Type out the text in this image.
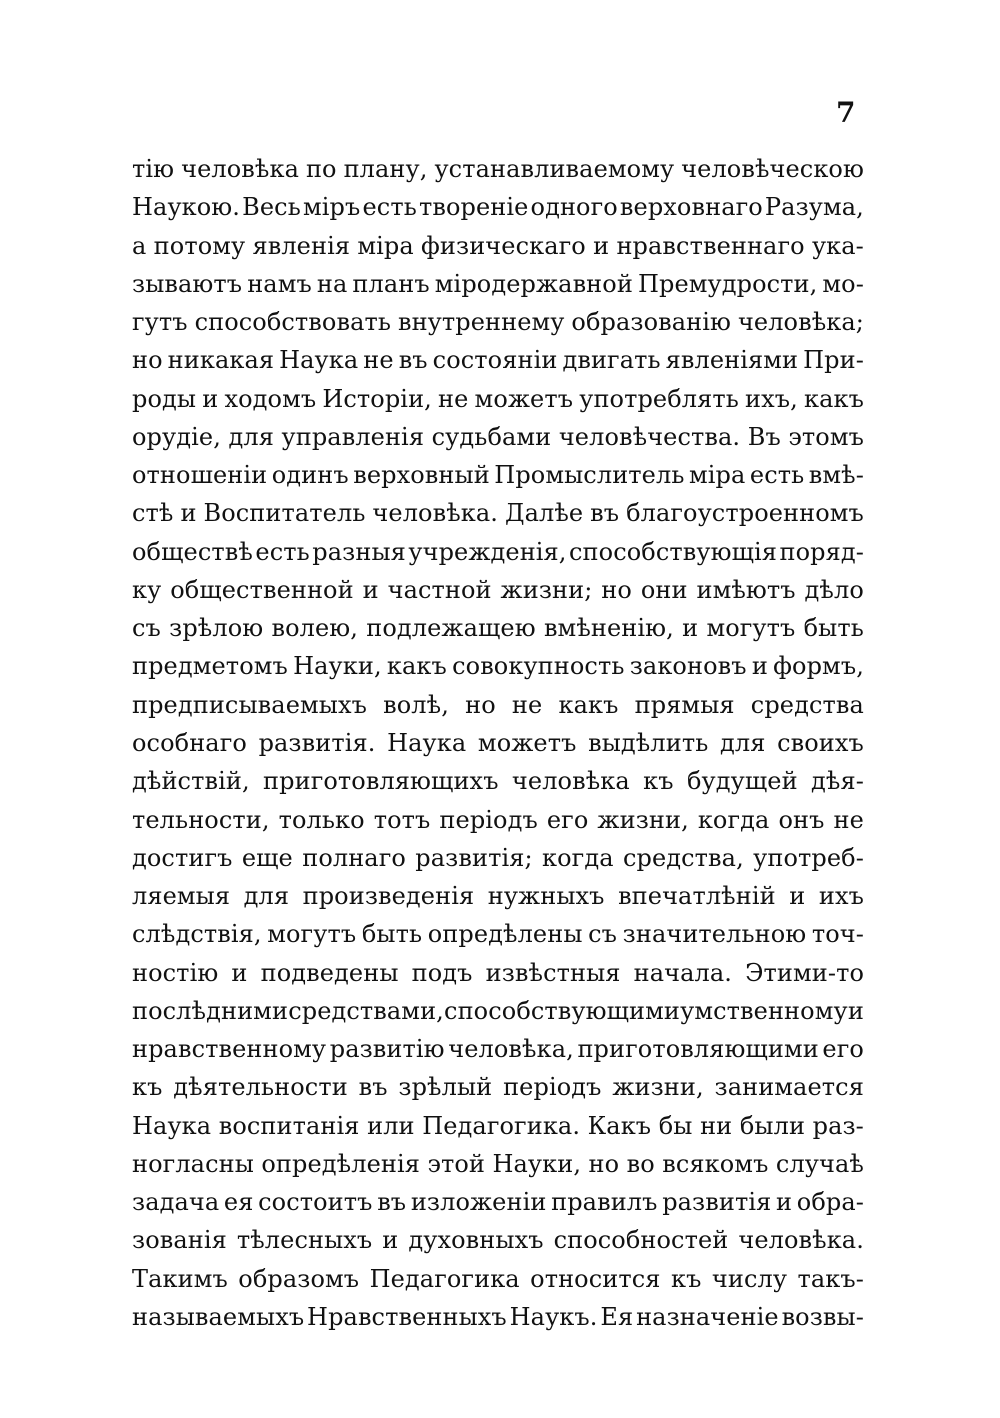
7
тію человѣка по плану, устанавливаемому человѣческою
Наукою. Весь міръ есть твореніе одного верховнаго Разума,
а потому явленія міра физическаго и нравственнаго ука-
зываютъ намъ на планъ міродержавной Премудрости, мо-
гутъ способствовать внутреннему образованію человѣка;
но никакая Наука не въ состояніи двигать явленіями При-
роды и ходомъ Исторіи, не можетъ употреблять ихъ, какъ
орудіе, для управленія судьбами человѣчества. Въ этомъ
отношеніи одинъ верховный Промыслитель міра есть вмѣ-
стѣ и Воспитатель человѣка. Далѣе въ благоустроенномъ
обществѣ есть разныя учрежденія, способствующія поряд-
ку общественной и частной жизни; но они имѣютъ дѣло
съ зрѣлою волею, подлежащею вмѣненію, и могутъ быть
предметомъ Науки, какъ совокупность законовъ и формъ,
предписываемыхъ волѣ, но не какъ прямыя средства
особнаго развитія. Наука можетъ выдѣлить для своихъ
дѣйствій, приготовляющихъ человѣка къ будущей дѣя-
тельности, только тотъ періодъ его жизни, когда онъ не
достигъ еще полнаго развитія; когда средства, употреб-
ляемыя для произведенія нужныхъ впечатлѣній и ихъ
слѣдствія, могутъ быть опредѣлены съ значительною точ-
ностію и подведены подъ извѣстныя начала. Этими-то
послѣдними средствами, способствующими умственному и
нравственному развитію человѣка, приготовляющими его
къ дѣятельности въ зрѣлый періодъ жизни, занимается
Наука воспитанія или Педагогика. Какъ бы ни были раз-
ногласны опредѣленія этой Науки, но во всякомъ случаѣ
задача ея состоитъ въ изложеніи правилъ развитія и обра-
зованія тѣлесныхъ и духовныхъ способностей человѣка.
Такимъ образомъ Педагогика относится къ числу такъ-
называемыхъ Нравственныхъ Наукъ. Ея назначеніе возвы-
